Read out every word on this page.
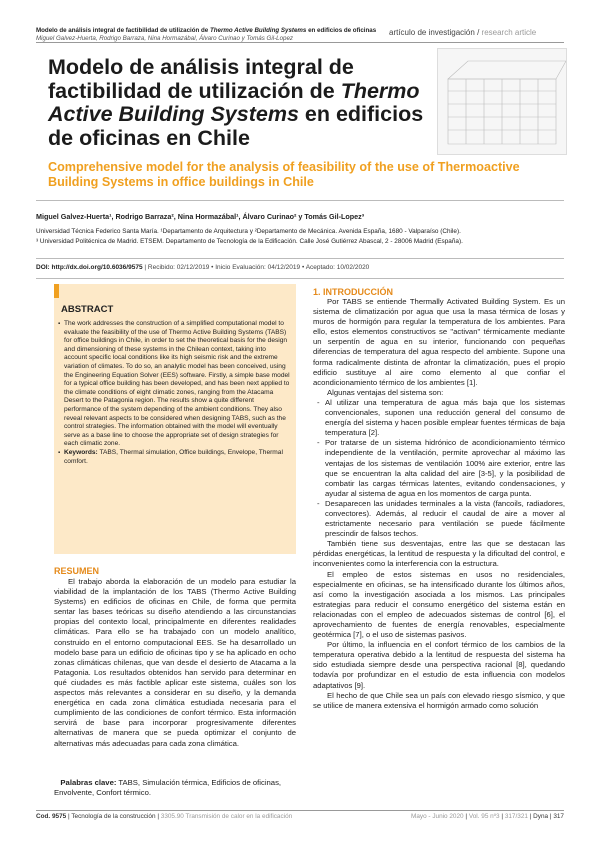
Modelo de análisis integral de factibilidad de utilización de Thermo Active Building Systems en edificios de oficinas
Miguel Galvez-Huerta, Rodrigo Barraza, Nina Hormazábal, Álvaro Curinao y Tomás Gil-Lopez
artículo de investigación / research article
Modelo de análisis integral de factibilidad de utilización de Thermo Active Building Systems en edificios de oficinas en Chile
Comprehensive model for the analysis of feasibility of the use of Thermoactive Building Systems in office buildings in Chile
Miguel Galvez-Huerta¹, Rodrigo Barraza², Nina Hormazábal¹, Álvaro Curinao² y Tomás Gil-Lopez³
Universidad Técnica Federico Santa María. ¹Departamento de Arquitectura y ²Departamento de Mecánica. Avenida España, 1680 - Valparaíso (Chile).
³ Universidad Politécnica de Madrid. ETSEM. Departamento de Tecnología de la Edificación. Calle José Gutiérrez Abascal, 2 - 28006 Madrid (España).
DOI: http://dx.doi.org/10.6036/9575 | Recibido: 02/12/2019 • Inicio Evaluación: 04/12/2019 • Aceptado: 10/02/2020
ABSTRACT
▪ The work addresses the construction of a simplified computational model to evaluate the feasibility of the use of Thermo Active Building Systems (TABS) for office buildings in Chile, in order to set the theoretical basis for the design and dimensioning of these systems in the Chilean context, taking into account specific local conditions like its high seismic risk and the extreme variation of climates. To do so, an analytic model has been conceived, using the Engineering Equation Solver (EES) software. Firstly, a simple base model for a typical office building has been developed, and has been next applied to the climate conditions of eight climatic zones, ranging from the Atacama Desert to the Patagonia region. The results show a quite different performance of the system depending of the ambient conditions. They also reveal relevant aspects to be considered when designing TABS, such as the control strategies. The information obtained with the model will eventually serve as a base line to choose the appropriate set of design strategies for each climatic zone.
▪ Keywords: TABS, Thermal simulation, Office buildings, Envelope, Thermal comfort.
RESUMEN
El trabajo aborda la elaboración de un modelo para estudiar la viabilidad de la implantación de los TABS (Thermo Active Building Systems) en edificios de oficinas en Chile, de forma que permita sentar las bases teóricas su diseño atendiendo a las circunstancias propias del contexto local, principalmente en diferentes realidades climáticas. Para ello se ha trabajado con un modelo analítico, construido en el entorno computacional EES. Se ha desarrollado un modelo base para un edificio de oficinas tipo y se ha aplicado en ocho zonas climáticas chilenas, que van desde el desierto de Atacama a la Patagonia. Los resultados obtenidos han servido para determinar en qué ciudades es más factible aplicar este sistema, cuáles son los aspectos más relevantes a considerar en su diseño, y la demanda energética en cada zona climática estudiada necesaria para el cumplimiento de las condiciones de confort térmico. Esta información servirá de base para incorporar progresivamente diferentes alternativas de manera que se pueda optimizar el conjunto de alternativas más adecuadas para cada zona climática.
Palabras clave: TABS, Simulación térmica, Edificios de oficinas, Envolvente, Confort térmico.
1. INTRODUCCIÓN

Por TABS se entiende Thermally Activated Building System. Es un sistema de climatización por agua que usa la masa térmica de losas y muros de hormigón para regular la temperatura de los ambientes. Para ello, estos elementos constructivos se "activan" térmicamente mediante un serpentín de agua en su interior, funcionando con pequeñas diferencias de temperatura del agua respecto del ambiente. Supone una forma radicalmente distinta de afrontar la climatización, pues el propio edificio sustituye al aire como elemento al que confiar el acondicionamiento térmico de los ambientes [1].

Algunas ventajas del sistema son:

- Al utilizar una temperatura de agua más baja que los sistemas convencionales, suponen una reducción general del consumo de energía del sistema y hacen posible emplear fuentes térmicas de baja temperatura [2].
- Por tratarse de un sistema hidrónico de acondicionamiento térmico independiente de la ventilación, permite aprovechar al máximo las ventajas de los sistemas de ventilación 100% aire exterior, entre las que se encuentran la alta calidad del aire [3-5], y la posibilidad de combatir las cargas térmicas latentes, evitando condensaciones, y ayudar al sistema de agua en los momentos de carga punta.
- Desaparecen las unidades terminales a la vista (fancoils, radiadores, convectores). Además, al reducir el caudal de aire a mover al estrictamente necesario para ventilación se puede fácilmente prescindir de falsos techos.

También tiene sus desventajas, entre las que se destacan las pérdidas energéticas, la lentitud de respuesta y la dificultad del control, e inconvenientes como la interferencia con la estructura.

El empleo de estos sistemas en usos no residenciales, especialmente en oficinas, se ha intensificado durante los últimos años, así como la investigación asociada a los mismos. Las principales estrategias para reducir el consumo energético del sistema están en relacionadas con el empleo de adecuados sistemas de control [6], el aprovechamiento de fuentes de energía renovables, especialmente geotérmica [7], o el uso de sistemas pasivos.

Por último, la influencia en el confort térmico de los cambios de la temperatura operativa debido a la lentitud de respuesta del sistema ha sido estudiada siempre desde una perspectiva racional [8], quedando todavía por profundizar en el estudio de esta influencia con modelos adaptativos [9].

El hecho de que Chile sea un país con elevado riesgo sísmico, y que se utilice de manera extensiva el hormigón armado como solución

Cod. 9575 | Tecnología de la construcción | 3305.90 Transmisión de calor en la edificación	Mayo - Junio 2020 | Vol. 95 nº3 | 317/321 | Dyna | 317
